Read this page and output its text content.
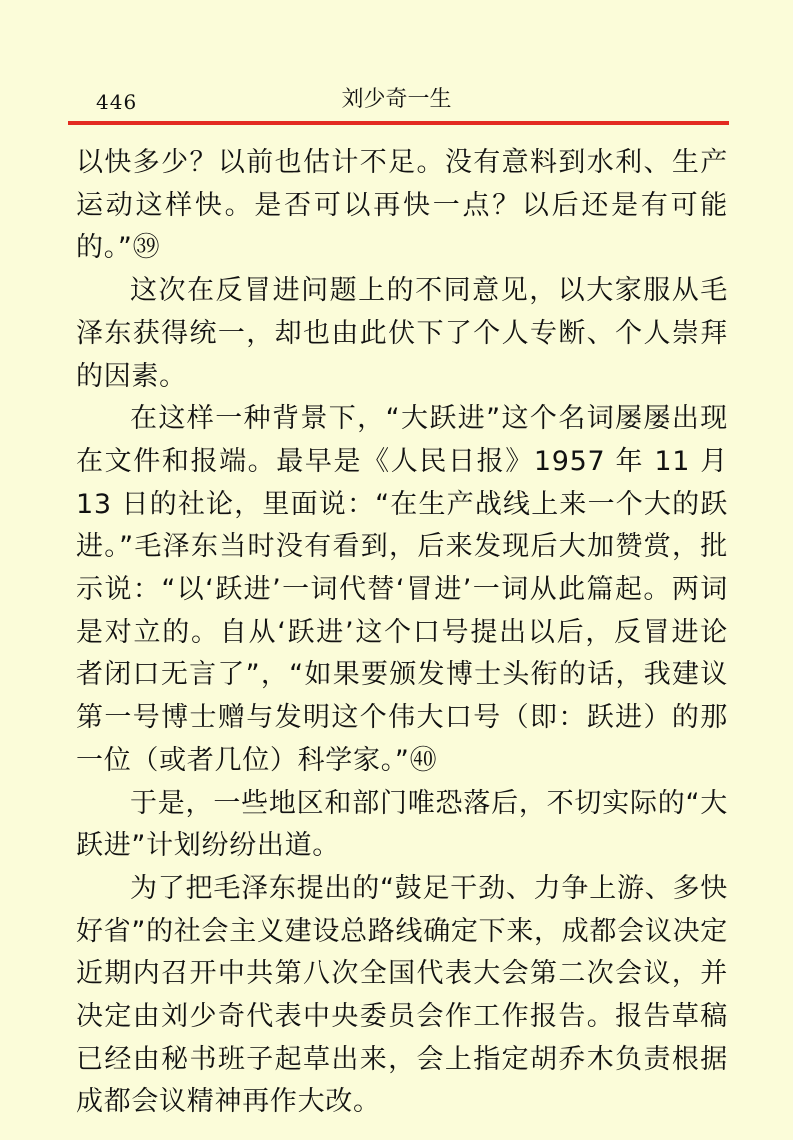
446	刘少奇一生

以快多少？以前也估计不足。没有意料到水利、生产运动这样快。是否可以再快一点？以后还是有可能的。”㊴

这次在反冒进问题上的不同意见，以大家服从毛泽东获得统一，却也由此伏下了个人专断、个人崇拜的因素。

在这样一种背景下，“大跃进”这个名词屡屡出现在文件和报端。最早是《人民日报》1957 年 11 月 13 日的社论，里面说：“在生产战线上来一个大的跃进。”毛泽东当时没有看到，后来发现后大加赞赏，批示说：“以‘跃进’一词代替‘冒进’一词从此篇起。两词是对立的。自从‘跃进’这个口号提出以后，反冒进论者闭口无言了”，“如果要颁发博士头衔的话，我建议第一号博士赠与发明这个伟大口号（即：跃进）的那一位（或者几位）科学家。”㊵

于是，一些地区和部门唯恐落后，不切实际的“大跃进”计划纷纷出道。

为了把毛泽东提出的“鼓足干劲、力争上游、多快好省”的社会主义建设总路线确定下来，成都会议决定近期内召开中共第八次全国代表大会第二次会议，并决定由刘少奇代表中央委员会作工作报告。报告草稿已经由秘书班子起草出来，会上指定胡乔木负责根据成都会议精神再作大改。
